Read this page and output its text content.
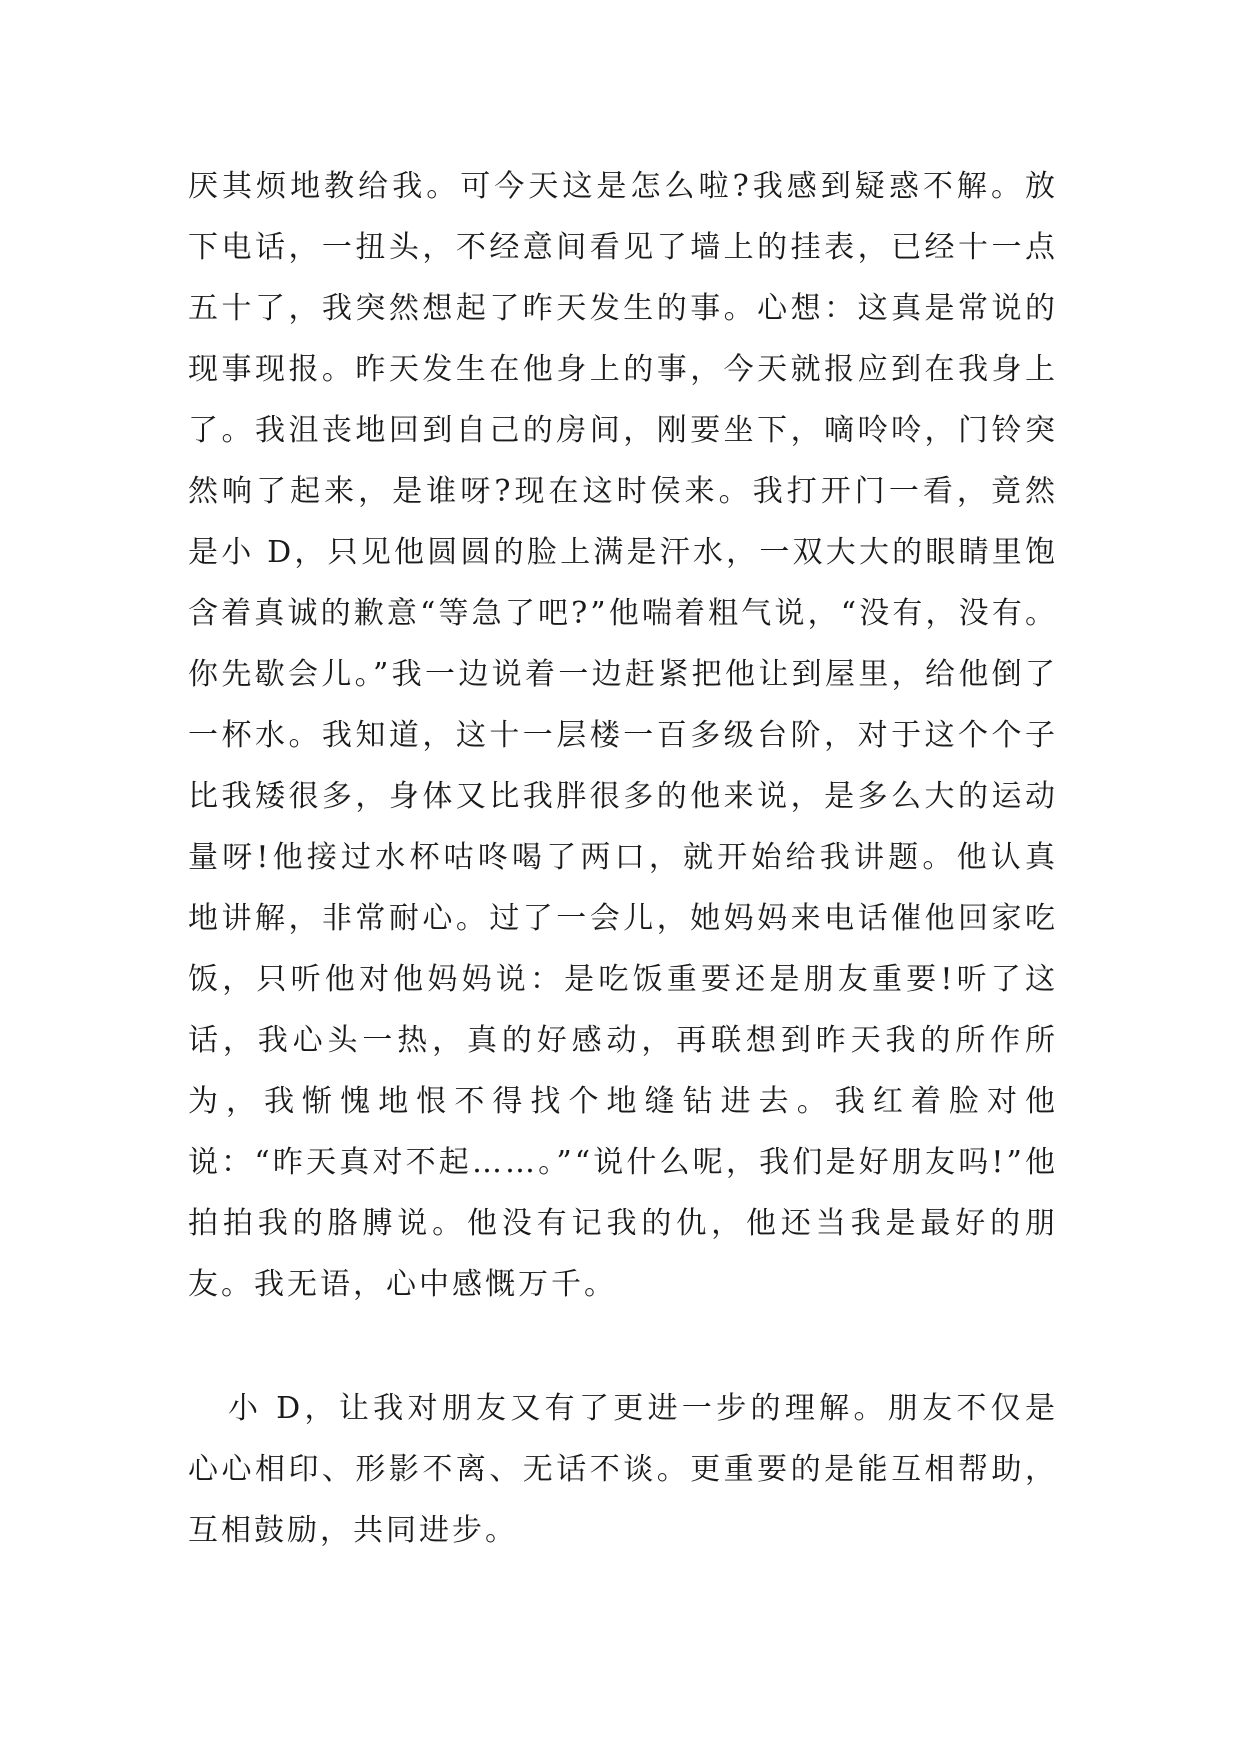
厌其烦地教给我。可今天这是怎么啦?我感到疑惑不解。放下电话，一扭头，不经意间看见了墙上的挂表，已经十一点五十了，我突然想起了昨天发生的事。心想：这真是常说的现事现报。昨天发生在他身上的事，今天就报应到在我身上了。我沮丧地回到自己的房间，刚要坐下，嘀呤呤，门铃突然响了起来，是谁呀?现在这时侯来。我打开门一看，竟然是小 D，只见他圆圆的脸上满是汗水，一双大大的眼睛里饱含着真诚的歉意“等急了吧?”他喘着粗气说，“没有，没有。你先歇会儿。”我一边说着一边赶紧把他让到屋里，给他倒了一杯水。我知道，这十一层楼一百多级台阶，对于这个个子比我矮很多，身体又比我胖很多的他来说，是多么大的运动量呀!他接过水杯咕咚喝了两口，就开始给我讲题。他认真地讲解，非常耐心。过了一会儿，她妈妈来电话催他回家吃饭，只听他对他妈妈说：是吃饭重要还是朋友重要!听了这话，我心头一热，真的好感动，再联想到昨天我的所作所为，我惭愧地恨不得找个地缝钻进去。我红着脸对他说：“昨天真对不起……。”“说什么呢，我们是好朋友吗!”他拍拍我的胳膊说。他没有记我的仇，他还当我是最好的朋友。我无语，心中感慨万千。

小 D，让我对朋友又有了更进一步的理解。朋友不仅是心心相印、形影不离、无话不谈。更重要的是能互相帮助，互相鼓励，共同进步。
